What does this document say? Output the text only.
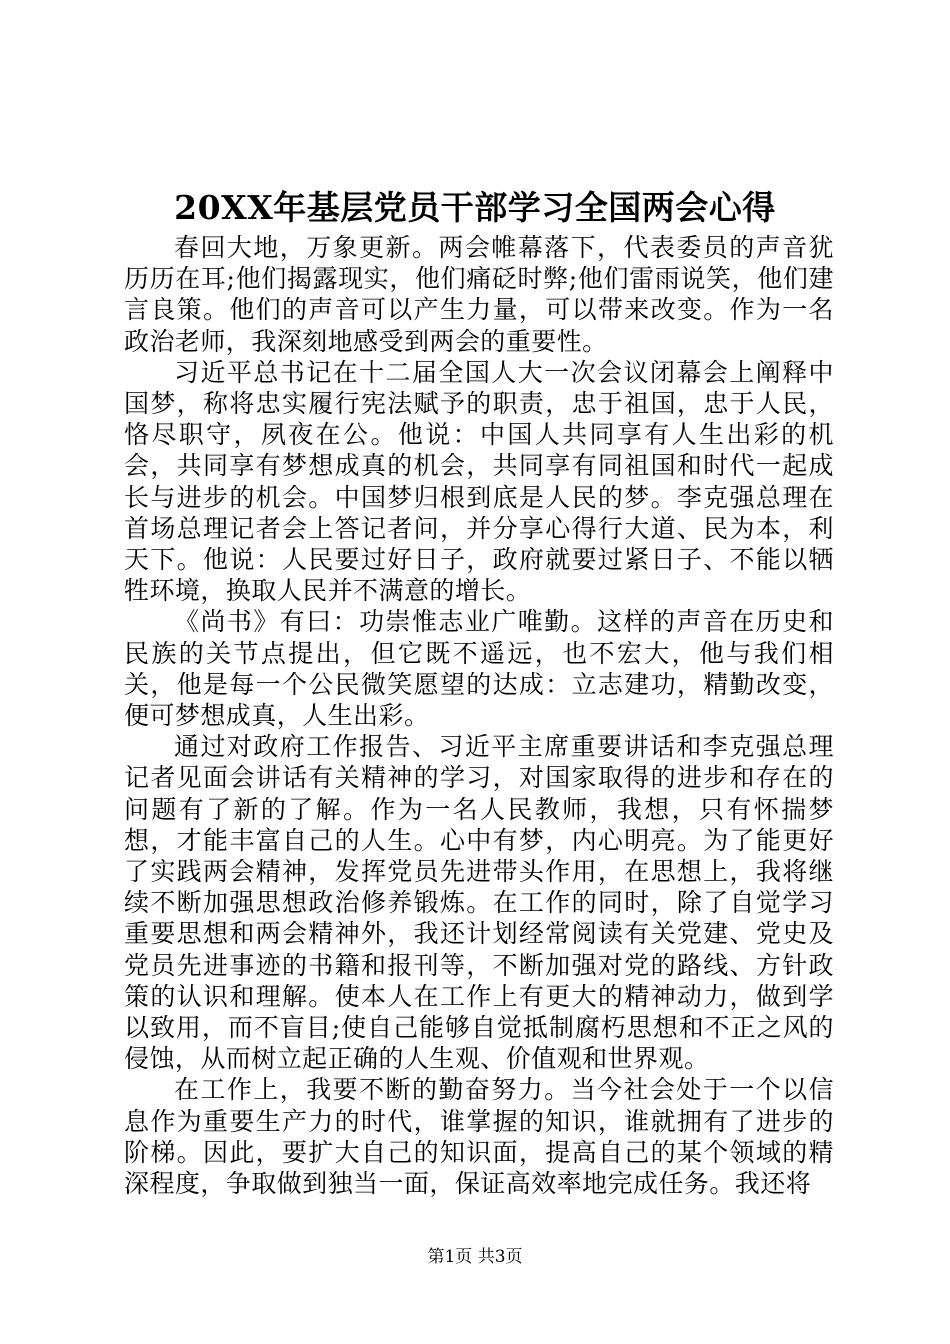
20XX年基层党员干部学习全国两会心得

春回大地，万象更新。两会帷幕落下，代表委员的声音犹历历在耳;他们揭露现实，他们痛砭时弊;他们雷雨说笑，他们建言良策。他们的声音可以产生力量，可以带来改变。作为一名政治老师，我深刻地感受到两会的重要性。

习近平总书记在十二届全国人大一次会议闭幕会上阐释中国梦，称将忠实履行宪法赋予的职责，忠于祖国，忠于人民，恪尽职守，夙夜在公。他说：中国人共同享有人生出彩的机会，共同享有梦想成真的机会，共同享有同祖国和时代一起成长与进步的机会。中国梦归根到底是人民的梦。李克强总理在首场总理记者会上答记者问，并分享心得行大道、民为本，利天下。他说：人民要过好日子，政府就要过紧日子、不能以牺牲环境，换取人民并不满意的增长。

《尚书》有曰：功崇惟志业广唯勤。这样的声音在历史和民族的关节点提出，但它既不遥远，也不宏大，他与我们相关，他是每一个公民微笑愿望的达成：立志建功，精勤改变，便可梦想成真，人生出彩。

通过对政府工作报告、习近平主席重要讲话和李克强总理记者见面会讲话有关精神的学习，对国家取得的进步和存在的问题有了新的了解。作为一名人民教师，我想，只有怀揣梦想，才能丰富自己的人生。心中有梦，内心明亮。为了能更好了实践两会精神，发挥党员先进带头作用，在思想上，我将继续不断加强思想政治修养锻炼。在工作的同时，除了自觉学习重要思想和两会精神外，我还计划经常阅读有关党建、党史及党员先进事迹的书籍和报刊等，不断加强对党的路线、方针政策的认识和理解。使本人在工作上有更大的精神动力，做到学以致用，而不盲目;使自己能够自觉抵制腐朽思想和不正之风的侵蚀，从而树立起正确的人生观、价值观和世界观。

在工作上，我要不断的勤奋努力。当今社会处于一个以信息作为重要生产力的时代，谁掌握的知识，谁就拥有了进步的阶梯。因此，要扩大自己的知识面，提高自己的某个领域的精深程度，争取做到独当一面，保证高效率地完成任务。我还将

第1页 共3页
